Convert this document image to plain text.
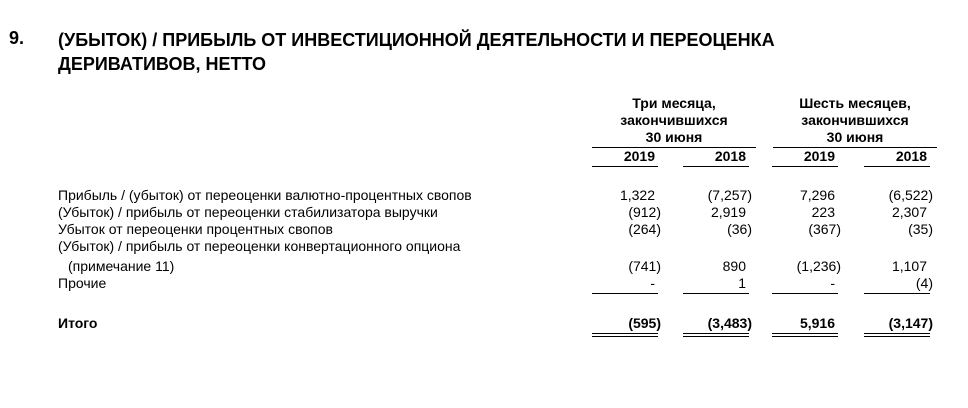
9. (УБЫТОК) / ПРИБЫЛЬ ОТ ИНВЕСТИЦИОННОЙ ДЕЯТЕЛЬНОСТИ И ПЕРЕОЦЕНКА ДЕРИВАТИВОВ, НЕТТО
Три месяца,
закончившихся
30 июня
Шесть месяцев,
закончившихся
30 июня
2019	2018	2019	2018
Прибыль / (убыток) от переоценки валютно-процентных свопов	1,322	(7,257)	7,296	(6,522)
(Убыток) / прибыль от переоценки стабилизатора выручки	(912)	2,919	223	2,307
Убыток от переоценки процентных свопов	(264)	(36)	(367)	(35)
(Убыток) / прибыль от переоценки конвертационного опциона
(примечание 11)	(741)	890	(1,236)	1,107
Прочие	-	1	-	(4)
Итого	(595)	(3,483)	5,916	(3,147)
